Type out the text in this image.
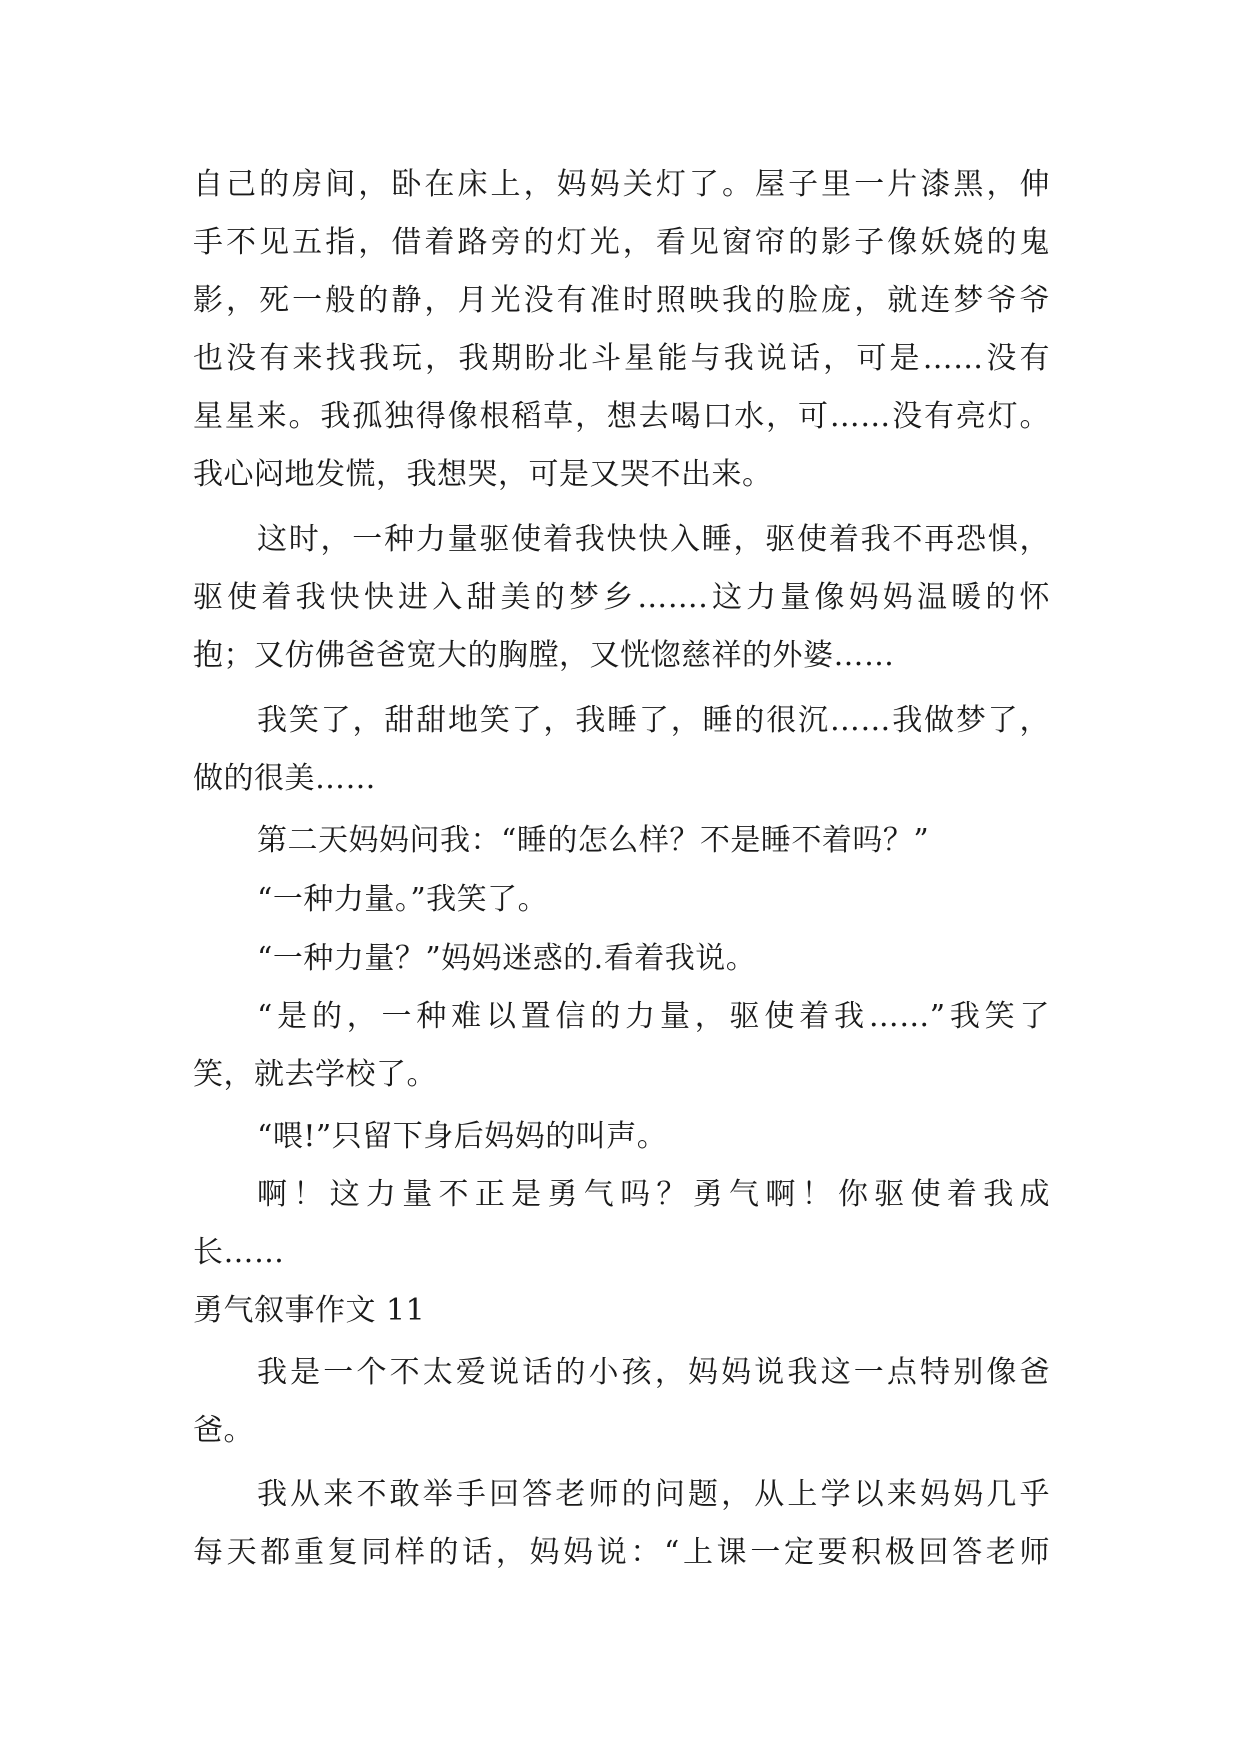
自己的房间，卧在床上，妈妈关灯了。屋子里一片漆黑，伸
手不见五指，借着路旁的灯光，看见窗帘的影子像妖娆的鬼
影，死一般的静，月光没有准时照映我的脸庞，就连梦爷爷
也没有来找我玩，我期盼北斗星能与我说话，可是……没有
星星来。我孤独得像根稻草，想去喝口水，可……没有亮灯。
我心闷地发慌，我想哭，可是又哭不出来。
这时，一种力量驱使着我快快入睡，驱使着我不再恐惧，
驱使着我快快进入甜美的梦乡…….这力量像妈妈温暖的怀
抱；又仿佛爸爸宽大的胸膛，又恍惚慈祥的外婆……
我笑了，甜甜地笑了，我睡了，睡的很沉……我做梦了，
做的很美……
第二天妈妈问我：“睡的怎么样？不是睡不着吗？”
“一种力量。”我笑了。
“一种力量？”妈妈迷惑的.看着我说。
“是的，一种难以置信的力量，驱使着我……”我笑了
笑，就去学校了。
“喂!”只留下身后妈妈的叫声。
啊！这力量不正是勇气吗？勇气啊！你驱使着我成
长……
勇气叙事作文 11
我是一个不太爱说话的小孩，妈妈说我这一点特别像爸
爸。
我从来不敢举手回答老师的问题，从上学以来妈妈几乎
每天都重复同样的话，妈妈说：“上课一定要积极回答老师
